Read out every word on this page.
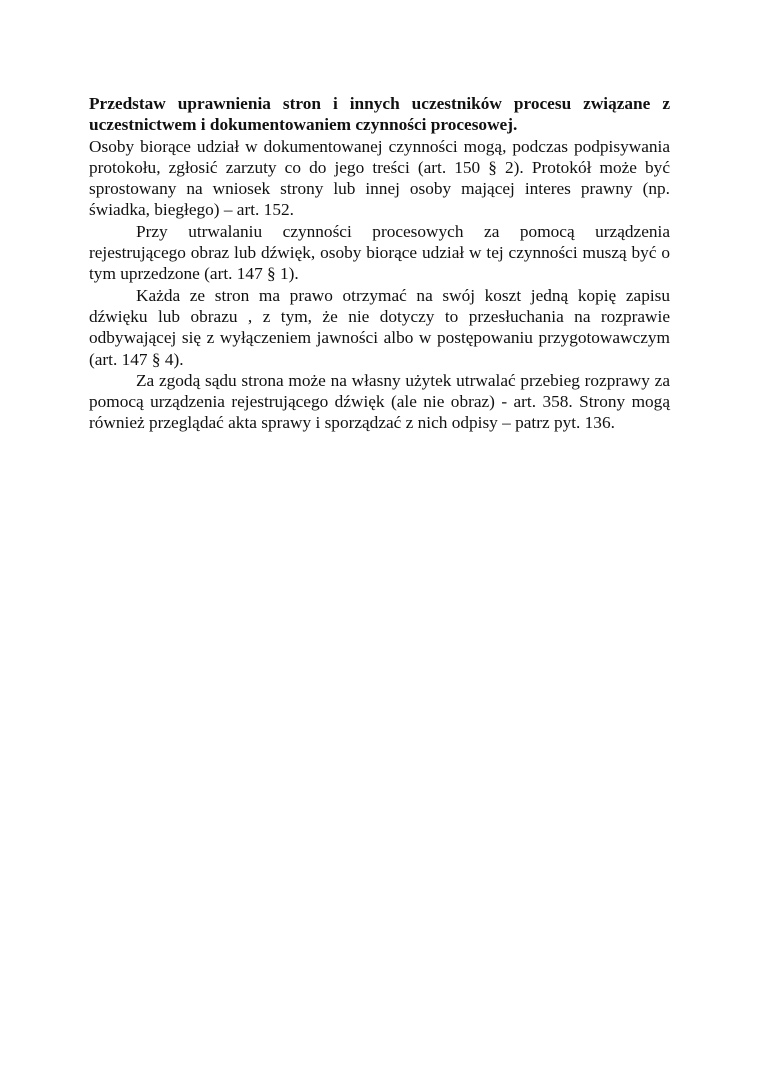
Przedstaw uprawnienia stron i innych uczestników procesu związane z uczestnictwem i dokumentowaniem czynności procesowej.

Osoby biorące udział w dokumentowanej czynności mogą, podczas podpisywania protokołu, zgłosić zarzuty co do jego treści (art. 150 § 2). Protokół może być sprostowany na wniosek strony lub innej osoby mającej interes prawny (np. świadka, biegłego) – art. 152.

Przy utrwalaniu czynności procesowych za pomocą urządzenia rejestrującego obraz lub dźwięk, osoby biorące udział w tej czynności muszą być o tym uprzedzone (art. 147 § 1).

Każda ze stron ma prawo otrzymać na swój koszt jedną kopię zapisu dźwięku lub obrazu , z tym, że nie dotyczy to przesłuchania na rozprawie odbywającej się z wyłączeniem jawności albo w postępowaniu przygotowawczym (art. 147 § 4).

Za zgodą sądu strona może na własny użytek utrwalać przebieg rozprawy za pomocą urządzenia rejestrującego dźwięk (ale nie obraz) - art. 358. Strony mogą również przeglądać akta sprawy i sporządzać z nich odpisy – patrz pyt. 136.
